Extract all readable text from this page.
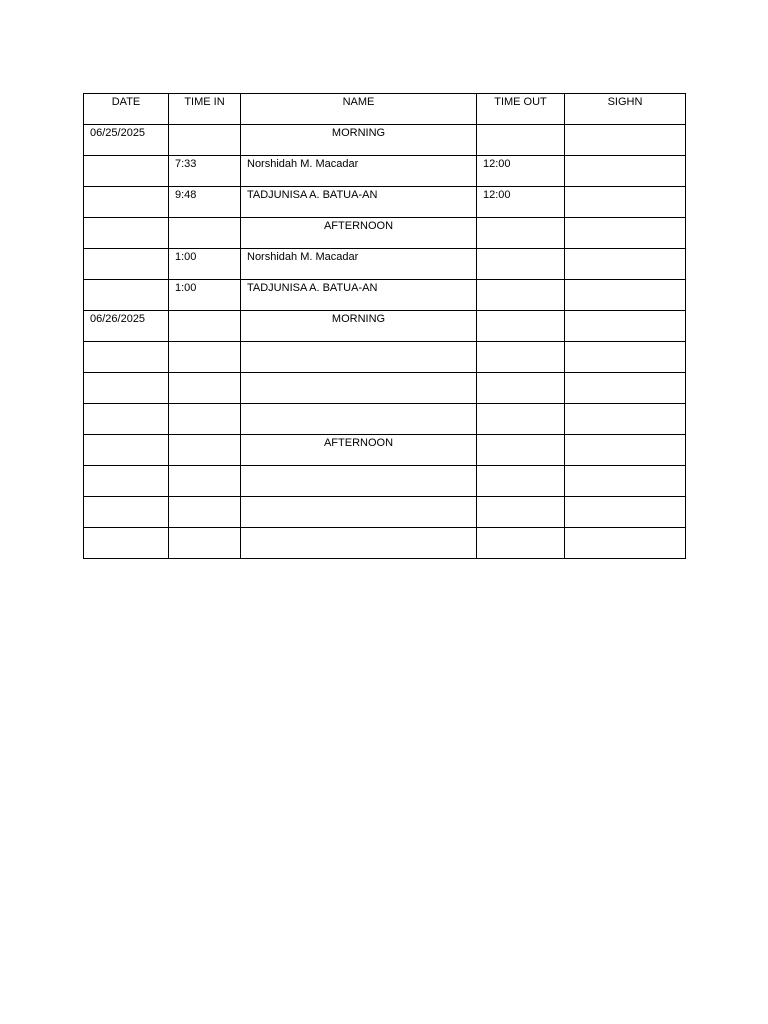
DATE	TIME IN	NAME	TIME OUT	SIGHN
06/25/2025		MORNING		
	7:33	Norshidah M. Macadar	12:00	
	9:48	TADJUNISA A. BATUA-AN	12:00	
		AFTERNOON		
	1:00	Norshidah M. Macadar		
	1:00	TADJUNISA A. BATUA-AN		
06/26/2025		MORNING		

		AFTERNOON		
